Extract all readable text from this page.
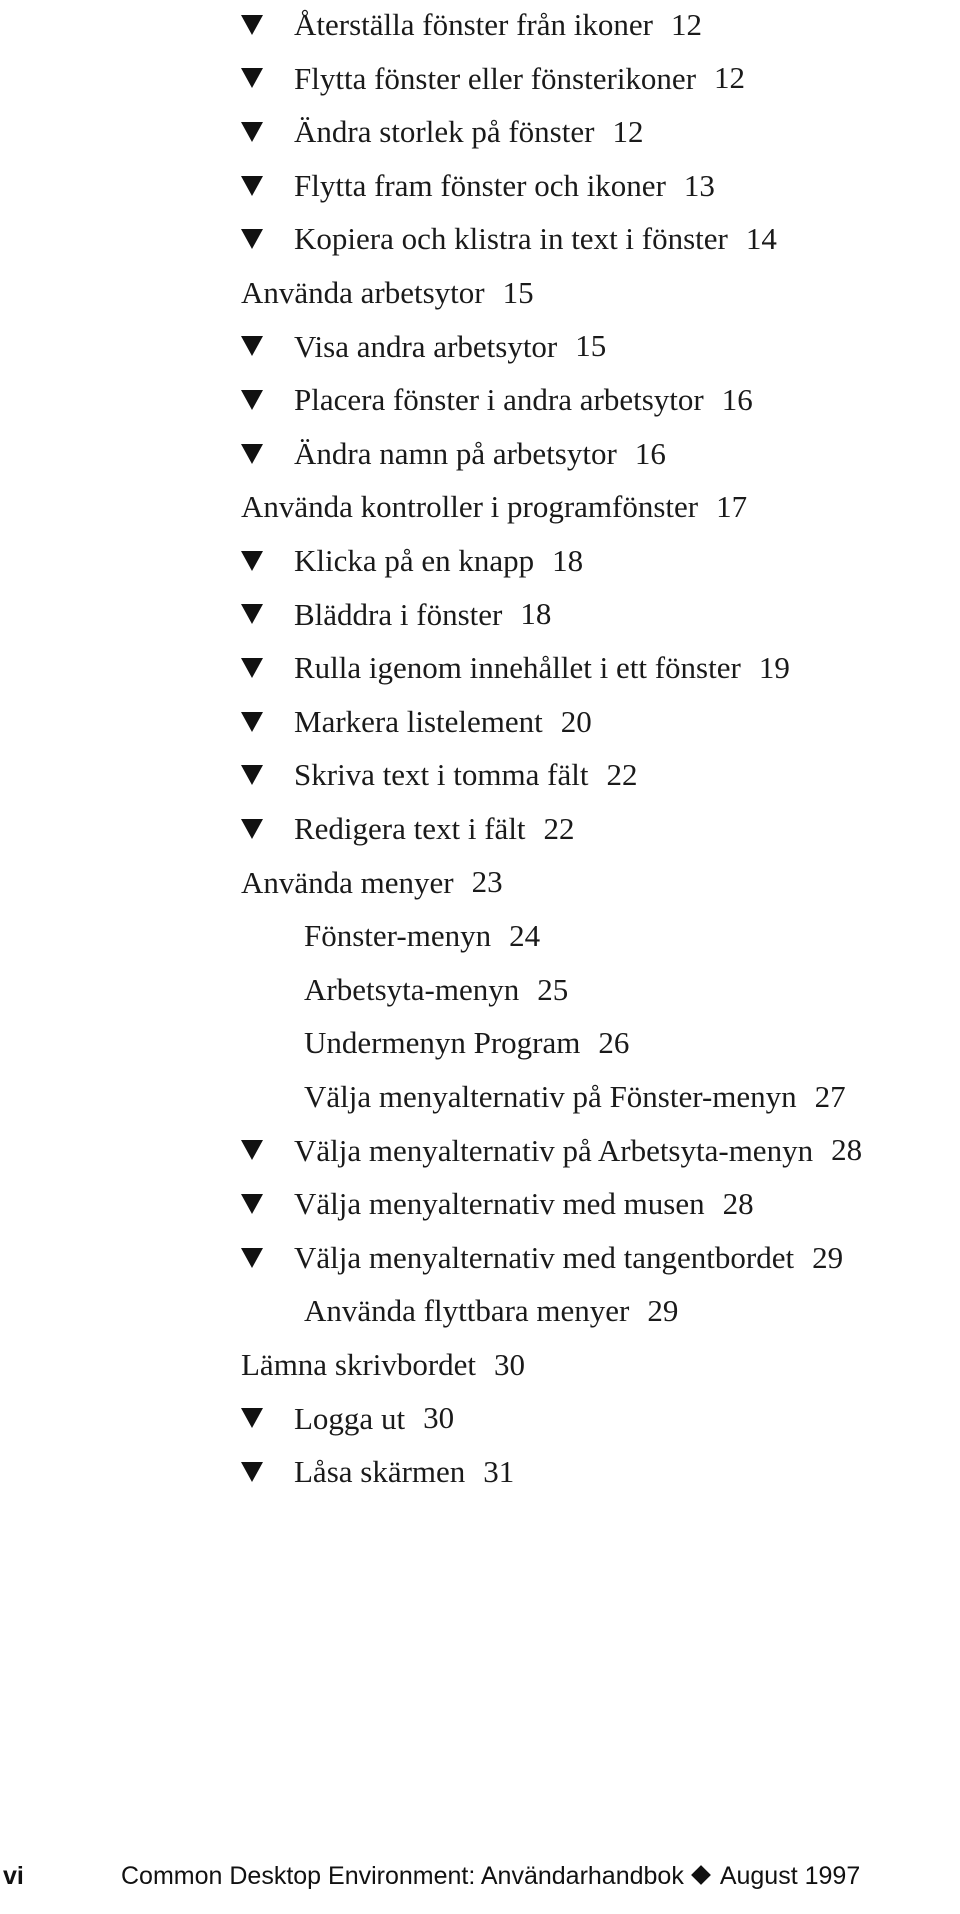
Återställa fönster från ikoner 12
Flytta fönster eller fönsterikoner 12
Ändra storlek på fönster 12
Flytta fram fönster och ikoner 13
Kopiera och klistra in text i fönster 14
Använda arbetsytor 15
Visa andra arbetsytor 15
Placera fönster i andra arbetsytor 16
Ändra namn på arbetsytor 16
Använda kontroller i programfönster 17
Klicka på en knapp 18
Bläddra i fönster 18
Rulla igenom innehållet i ett fönster 19
Markera listelement 20
Skriva text i tomma fält 22
Redigera text i fält 22
Använda menyer 23
Fönster-menyn 24
Arbetsyta-menyn 25
Undermenyn Program 26
Välja menyalternativ på Fönster-menyn 27
Välja menyalternativ på Arbetsyta-menyn 28
Välja menyalternativ med musen 28
Välja menyalternativ med tangentbordet 29
Använda flyttbara menyer 29
Lämna skrivbordet 30
Logga ut 30
Låsa skärmen 31
vi	Common Desktop Environment: Användarhandbok August 1997
